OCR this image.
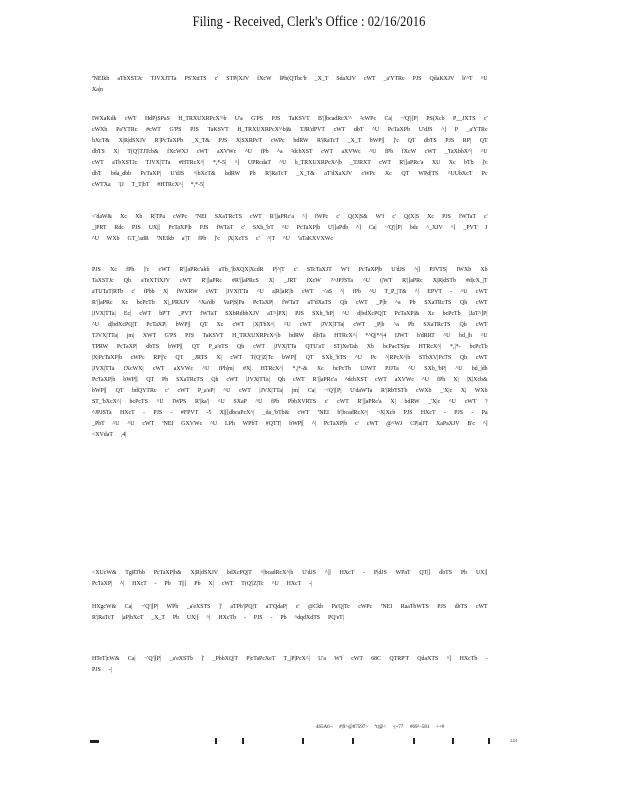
Filing - Received, Clerk's Office : 02/16/2016
ªNEIkb aTbXSTJc TJVXJTTa PS'XttTS c' STP(XJV fXcW lPb(QTbc'b _X_T SdaXJV cWT _a'YTRc PJS QdaKXJV b'^T ^U Xa|n
IWXaKdk cWT HdP)SPaS H_TRXUXRPcX'^b U'a G'PS PJS TaKSVT B'|]bcadRcX'^ ²cWPc Ca| ¬'Q'|[P| PS(Xcb P__JXTS c' cWXb Pa'YTRc #cWT G'PS PJS TaKSVT H_TRXUXRPcX'^b|& TJR'dPVT cWT dbT ^U PcTaXPb U'dJS ^] P _a'YTRc bXcT& X|R|dSXJV R'|PcTaXPb _X_T& PJS X|SXRPcT cWPc bdRW R'|RaTcT _X_T bWP|[ ]'c QT dbTS PJS RP| QT dbTS X| T(Q'|TJTcb& fXcWXJ cWT aXVWc ^U fPb ^a ²dcbXST cWT aXVWc ^U fPb fXcW cWT _TaXbbX^| ^U cWT aTbXSTJc TJVX|TTa #HTRcX^| *,*-5| ^] UPRcdaT ^U b_TRXUXRPcX^|b _TJRXT cWT R'|]aPRc'a XU Xc bTb ]'c dbT bda_dbb PcTaXP| U'dJS ^|bXcT& bdRW Pb R'|RaTcT _X_T& aT'dXaXJV cWPc Xc QT WPd|TS ^UUbXcT Pc cWTXa '(J T_T|bT #HTRcX^| *,*-5|
<'daW& Xc Xb R|TPa cWPc ªNEI SXaTRcTS cWT R'|]aPRc'a ^] fWPc c' Q(X|S& W'f c' Q(X|S Xc PJS fWTaT c' _|PRT Rdc PJS UX|[ PcTaXP|b PJS fWTaT c' SXb_'bT ^U PcTaXP|b U'|]aPdb ^] Ca| ¬'Q'|[P| bdc ^_XJV ^] _PVT J ^U WXb GT_'adR ªNEIkb a'|T fPb ]'c |X|XcTS c' ^|T ^U ªaTaKXVXWc
PJS Xc fPb ]'c cWT R'|]aPRc'akb aTb_'|bXQX|XcdR P|^|T c' STcTaXJT W'f PcTaXP|b U'dJS ^|] PJVTS| IWXb Xb TaXSTJc Qh aTeXTfXJV cWT R'|]aPRc #R'|]aPRcS X| _JRT fXcW ?^JPJSTa ^U (|WT R'|]aPRc X|R|dSTb #d|cX_|T aTUTaT|RTb c' fPbb X| fWXRW cWT |JVX|TTa ^U a|R]aR'|b cWT ¬'aS ^| fPb ^U T_P_|T& ^| EPVT - ^U cWT R'|]aPRc Xc bcPcTb X|_PRXJV ^Xa'db VaP|S|Pa PcTaXP| fWTaT aT'dXaTS Qh cWT _P|b ^a Pb SXaTRcTS Qh cWT |JVX|TTa| Ec| cWT bP'T _PVT fWTaT SXbRdbbXJV aT^]PX| PJS SXb_'bP| ^U d|bdXcPQ|T PcTaXP|& Xc bcPcTb |JaT^]P| ^U d|bdXcPQ|T PcTaXP| bWP|[ QT Xc cWT |X|TbX^| ^U cWT |JVX|TTa| cWT _P|b ^a Pb SXaTRcTS Qh cWT TJVX|TTa| jm| XWT G'PS PJS TaKSVT H_TRXUXRPcX^|b bdRW d|bTa HTRcX^| *^Q|*^|4 IJWT b'dRRT ^U bd_|h ^U TPRW PcTaXP| dbTS bWP|[ QT P_a'eTS Qh cWT |JVX|TTa QTU'aT STjXeTah Xb bcPacTS|m HTRcX^| *,|*- bcPcTb |X|PcTaXP|b cWPc RP||'c QT _JRTS X| cWT T(Q'|Z|Tc bWP|[ QT SXb_'bTS ^U Pc ^|RPcX^|b STbXV|PcTS Qh cWT |JVX|TTa fXcWX| cWT aXVWc ^U fPh|m| #X| HTRcX^| *,|*-& Xc bcPcTb UJWT PJJTa ^U SXb_'bP| ^U bd_|db PcTaXP|b bWP|[ QT Pb SXaTRcTS Qh cWT |JVX|TTa| Qh cWT R'|]aPRc'a ^dcbXST cWT aXVWc ^U fPh X| |X|Xcb& bWP|[ QT bdQYTRc c' cWT P_a'eP| ^U cWT |JVX|TTa| jm| Ca| ¬'Q'|[P| U'daWTa R'|RbTSTb cWXb _'X|c X| WXb ST_'bXcX^| bcPcTS ^U IWPS R'|ka'| ^U SXaP ^U fPb PbbXVRTS c' cWT R'|]aPRc'a X| bdRW _'X|c ^U cWT ?^JPJSTa HXcT - PJS - #FPVT -5 X|[[dbcaPcX^| _da_'bTb& cWT ªNEI b'|bcadRcX^| ¬X|Xcb PJS HXcT - PJS - Pa _PbT ^U ^U cWT ªNEI GXVWc ^U LPh WPbT #QTT| bWP|[ ^| PcTaXP|b c' cWT @^WJ CP|a|JT XaPaXJV B'c ^] <XVdaT ,4|
<XUcW& TgRTbb PcTaXP|b& X|R|dSXJV bdXcPQ|T ^|bcadRcX^|b U'dJS ^|] HXcT - P|dJS WPaT QT|] dbTS Pb UX|[ PcTaXP| ^| HXcT - Pb T||[ Pb X| cWT T(Q'|Z|Tc ^U HXcT -|
HXgcW& Ca| ¬'Q'|[P| WPb _a'eXSTS ]' aTPb'|PQ|T aT'QdaP| c' @Ckb Pa'Q|Tc cWPc ªNEI RaaTbWTS PJS dbTS cWT R'|RaTcT |aP|bXcT _X_T Pb UX|[ ^| HXcTb - PJS - Pb ^dqdXdTS PQ'eT|
HTeT|cW& Ca| ¬'Q'|[P| _a'eXSTb ]' _PbbXQ|T P|cTaPcXeT T_|P|PcX^| U'a W'f cWT 68C QTRP'T QdaXTS ^] HXcTb - PJS -|
465A6¬ #|9>@87597> ªt|@< -|¬77 #69²¬581 ++#
124
